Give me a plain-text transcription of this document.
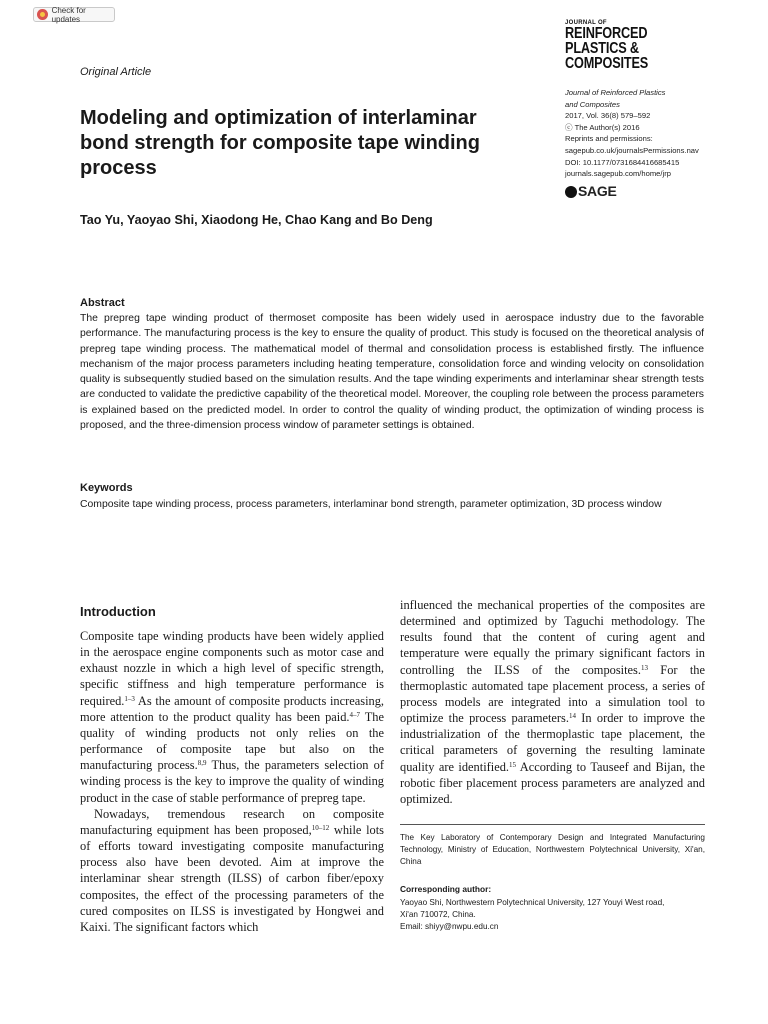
Check for updates	JOURNAL OF
REINFORCED
PLASTICS &
COMPOSITES
Journal of Reinforced Plastics
and Composites
2017, Vol. 36(8) 579–592
ⓒ The Author(s) 2016
Reprints and permissions:
sagepub.co.uk/journalsPermissions.nav
DOI: 10.1177/0731684416685415
journals.sagepub.com/home/jrp
SAGE
Original Article
Modeling and optimization of interlaminar bond strength for composite tape winding process
Tao Yu, Yaoyao Shi, Xiaodong He, Chao Kang and Bo Deng
Abstract

The prepreg tape winding product of thermoset composite has been widely used in aerospace industry due to the favorable performance. The manufacturing process is the key to ensure the quality of product. This study is focused on the theoretical analysis of prepreg tape winding process. The mathematical model of thermal and consolidation process is established firstly. The influence mechanism of the major process parameters including heating temperature, consolidation force and winding velocity on consolidation quality is subsequently studied based on the simulation results. And the tape winding experiments and interlaminar shear strength tests are conducted to validate the predictive capability of the theoretical model. Moreover, the coupling role between the process parameters is explained based on the predicted model. In order to control the quality of winding product, the optimization of winding process is proposed, and the three-dimension process window of parameter settings is obtained.

Keywords

Composite tape winding process, process parameters, interlaminar bond strength, parameter optimization, 3D process window

Introduction

Composite tape winding products have been widely applied in the aerospace engine components such as motor case and exhaust nozzle in which a high level of specific strength, specific stiffness and high temperature performance is required.$^{1-3}$ As the amount of composite products increasing, more attention to the product quality has been paid.$^{4-7}$ The quality of winding products not only relies on the performance of composite tape but also on the manufacturing process.$^{8,9}$ Thus, the parameters selection of winding process is the key to improve the quality of winding product in the case of stable performance of prepreg tape.

Nowadays, tremendous research on composite manufacturing equipment has been proposed,$^{10-12}$ while lots of efforts toward investigating composite manufacturing process also have been devoted. Aim at improve the interlaminar shear strength (ILSS) of carbon fiber/epoxy composites, the effect of the processing parameters of the cured composites on ILSS is investigated by Hongwei and Kaixi. The significant factors which

influenced the mechanical properties of the composites are determined and optimized by Taguchi methodology. The results found that the content of curing agent and temperature were equally the primary significant factors in controlling the ILSS of the composites.$^{13}$ For the thermoplastic automated tape placement process, a series of process models are integrated into a simulation tool to optimize the process parameters.$^{14}$ In order to improve the industrialization of the thermoplastic tape placement, the critical parameters of governing the resulting laminate quality are identified.$^{15}$ According to Tauseef and Bijan, the robotic fiber placement process parameters are analyzed and optimized.

The Key Laboratory of Contemporary Design and Integrated Manufacturing Technology, Ministry of Education, Northwestern Polytechnical University, Xi'an, China

Corresponding author:
Yaoyao Shi, Northwestern Polytechnical University, 127 Youyi West road,
Xi'an 710072, China.
Email: shiyy@nwpu.edu.cn
